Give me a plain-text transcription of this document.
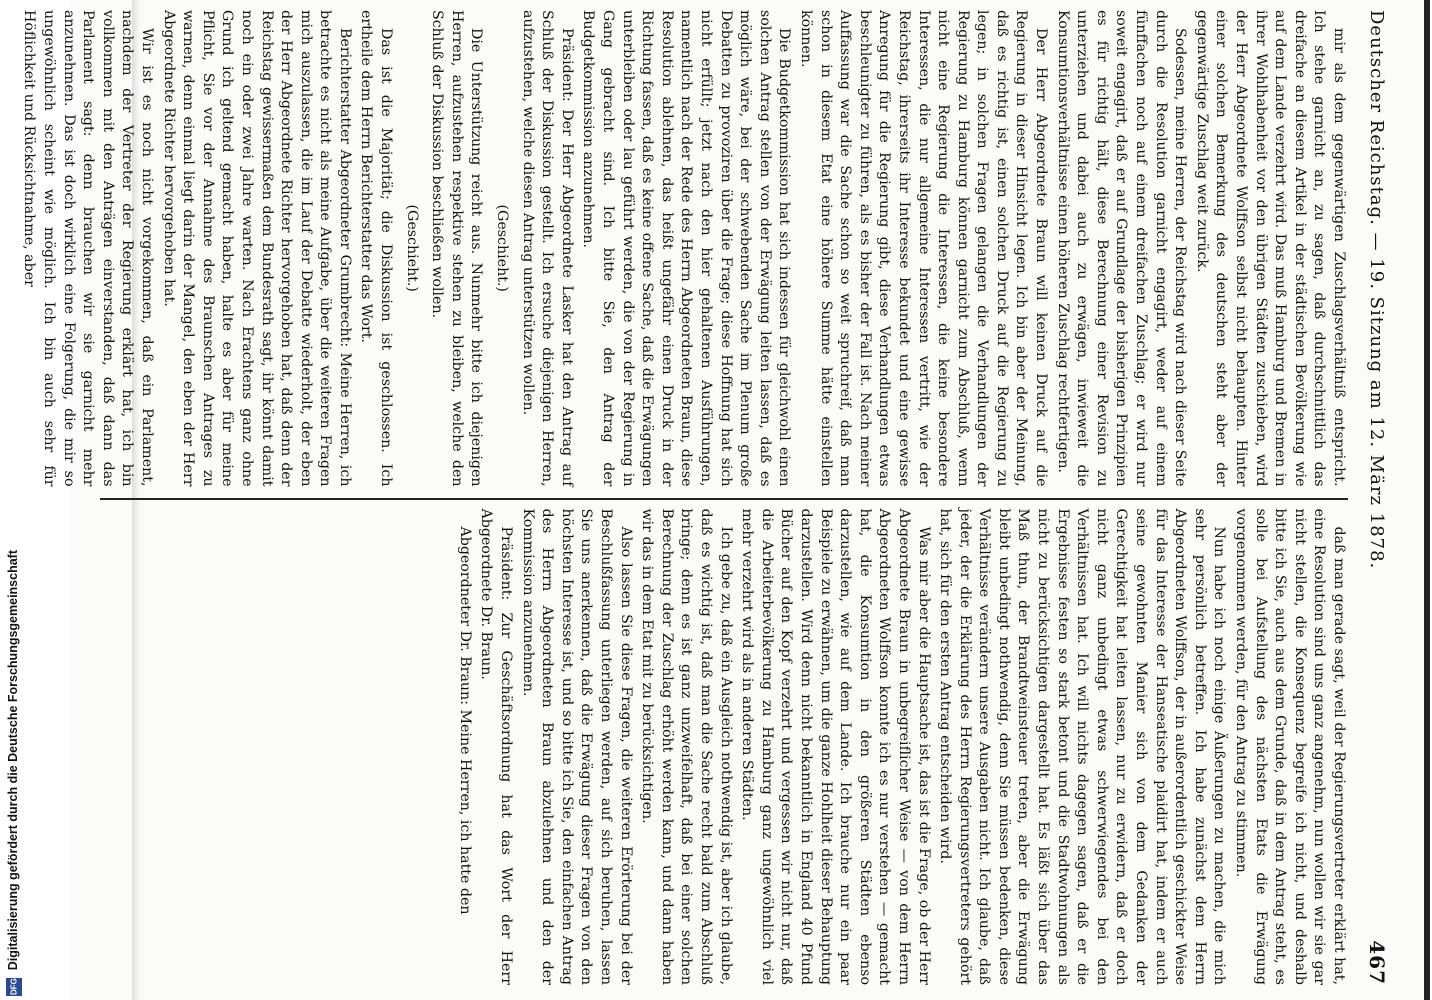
Deutscher Reichstag. — 19. Sitzung am 12. März 1878.
467

mir als dem gegenwärtigen Zuschlagsverhältniß entspricht. Ich stehe garnicht an, zu sagen, daß durchschnittlich das dreifache an diesem Artikel in der städtischen Bevölkerung wie auf dem Lande verzehrt wird. Das muß Hamburg und Bremen in ihrer Wohlhabenheit vor den übrigen Städten zuschieben, wird der Herr Abgeordnete Wolffson selbst nicht behaupten. Hinter einer solchen Bemerkung des deutschen steht aber der gegenwärtige Zuschlag weit zurück.

Sodessen, meine Herren, der Reichstag wird nach dieser Seite durch die Resolution garnicht engagirt, weder auf einem fünffachen noch auf einem dreifachen Zuschlag; er wird nur soweit engagirt, daß er auf Grundlage der bisherigen Prinzipien es für richtig hält, diese Berechnung einer Revision zu unterziehen und dabei auch zu erwägen, inwieweit die Konsumtionsverhältnisse einen höheren Zuschlag rechtfertigen.

Der Herr Abgeordnete Braun will keinen Druck auf die Regierung in dieser Hinsicht legen. Ich bin aber der Meinung, daß es richtig ist, einen solchen Druck auf die Regierung zu legen; in solchen Fragen gelangen die Verhandlungen der Regierung zu Hamburg können garnicht zum Abschluß, wenn nicht eine Regierung die Interessen, die keine besondere Interessen, die nur allgemeine Interessen vertritt, wie der Reichstag, ihrerseits ihr Interesse bekundet und eine gewisse Anregung für die Regierung gibt, diese Verhandlungen etwas beschleunigter zu führen, als es bisher der Fall ist. Nach meiner Auffassung war die Sache schon so weit spruchreif, daß man schon in diesem Etat eine höhere Summe hätte einstellen können.

Die Budgetkommission hat sich indessen für gleichwohl einen solchen Antrag stellen von der Erwägung leiten lassen, daß es möglich wäre, bei der schwebenden Sache im Plenum große Debatten zu provoziren über die Frage; diese Hoffnung hat sich nicht erfüllt; jetzt nach den hier gehaltenen Ausführungen, namentlich nach der Rede des Herrn Abgeordneten Braun, diese Resolution ablehnen, das heißt ungefähr einen Druck in der Richtung fassen, daß es keine offene Sache, daß die Erwägungen unterbleiben oder lau geführt werden, die von der Regierung in Gang gebracht sind. Ich bitte Sie, den Antrag der Budgetkommission anzunehmen.

Präsident: Der Herr Abgeordnete Lasker hat den Antrag auf Schluß der Diskussion gestellt. Ich ersuche diejenigen Herren, aufzustehen, welche diesen Antrag unterstützen wollen.

(Geschieht.)

Die Unterstützung reicht aus. Nunmehr bitte ich diejenigen Herren, aufzustehen respektive stehen zu bleiben, welche den Schluß der Diskussion beschließen wollen.

(Geschieht.)

Das ist die Majorität; die Diskussion ist geschlossen. Ich ertheile dem Herrn Berichterstatter das Wort.

Berichterstatter Abgeordneter Grumbrecht: Meine Herren, ich betrachte es nicht als meine Aufgabe, über die weiteren Fragen mich auszulassen, die im Lauf der Debatte wiederholt, der eben der Herr Abgeordnete Richter hervorgehoben hat, daß denn der Reichstag gewissermaßen dem Bundesrath sagt, ihr könnt damit noch ein oder zwei Jahre warten. Nach Erachtens ganz ohne Grund ich geltend gemacht haben, halte es aber für meine Pflicht, Sie vor der Annahme des Braunschen Antrages zu warnen, denn einmal liegt darin der Mangel, den eben der Herr Abgeordnete Richter hervorgehoben hat.

Wir ist es noch nicht vorgekommen, daß ein Parlament, nachdem der Vertreter der Regierung erklärt hat, ich bin vollkommen mit den Anträgen einverstanden, daß dann das Parlament sagt: denn brauchen wir sie garnicht mehr anzunehmen. Das ist doch wirklich eine Folgerung, die mir so ungewöhnlich scheint wie möglich. Ich bin auch sehr für Höflichkeit und Rücksichtnahme, aber

daß man gerade sagt, weil der Regierungsvertreter erklärt hat, eine Resolution sind uns ganz angenehm, nun wollen wir sie gar nicht stellen, die Konsequenz begreife ich nicht, und deshalb bitte ich Sie, auch aus dem Grunde, daß in dem Antrag steht, es solle bei Aufstellung des nächsten Etats die Erwägung vorgenommen werden, für den Antrag zu stimmen.

Nun habe ich noch einige Äußerungen zu machen, die mich sehr persönlich betreffen. Ich habe zunächst dem Herrn Abgeordneten Wolffson, der in außerordentlich geschickter Weise für das Interesse der Hanseatische plaidirt hat, indem er auch seine gewohnten Manier sich von dem Gedanken der Gerechtigkeit hat leiten lassen, nur zu erwidern, daß er doch nicht ganz unbedingt etwas schwerwiegendes bei den Verhältnissen hat. Ich will nichts dagegen sagen, daß er die Ergebnisse festen so stark betont und die Stadtwohnungen als nicht zu berücksichtigen dargestellt hat. Es läßt sich über das Maß thun, der Brandtweinsteuer treten, aber die Erwägung bleibt unbedingt nothwendig, denn Sie müssen bedenken, diese Verhältnisse verändern unsere Ausgaben nicht. Ich glaube, daß jeder, der die Erklärung des Herrn Regierungsvertreters gehört hat, sich für den ersten Antrag entscheiden wird.

Was mir aber die Hauptsache ist, das ist die Frage, ob der Herr Abgeordnete Braun in unbegreiflicher Weise — von dem Herrn Abgeordneten Wolffson konnte ich es nur verstehen — gemacht hat, die Konsumtion in den größeren Städten ebenso darzustellen, wie auf dem Lande. Ich brauche nur ein paar Beispiele zu erwähnen, um die ganze Hohlheit dieser Behauptung darzustellen. Wird denn nicht bekanntlich in England 40 Pfund Bücher auf den Kopf verzehrt und vergessen wir nicht nur, daß die Arbeiterbevölkerung zu Hamburg ganz ungewöhnlich viel mehr verzehrt wird als in anderen Städten.

Ich gebe zu, daß ein Ausgleich nothwendig ist, aber ich glaube, daß es wichtig ist, daß man die Sache recht bald zum Abschluß bringe; denn es ist ganz unzweifelhaft, daß bei einer solchen Berechnung der Zuschlag erhöht werden kann, und dann haben wir das in dem Etat mit zu berücksichtigen.

Also lassen Sie diese Fragen, die weiteren Erörterung bei der Beschlußfassung unterliegen werden, auf sich beruhen, lassen Sie uns anerkennen, daß die Erwägung dieser Fragen von den höchsten Interesse ist, und so bitte ich Sie, den einfachen Antrag des Herrn Abgeordneten Braun abzulehnen und den der Kommission anzunehmen.

Präsident: Zur Geschäftsordnung hat das Wort der Herr Abgeordnete Dr. Braun.

Abgeordneter Dr. Braun: Meine Herren, ich hatte den

Digitalisierung gefördert durch die Deutsche Forschungsgemeinschaft
DFG
